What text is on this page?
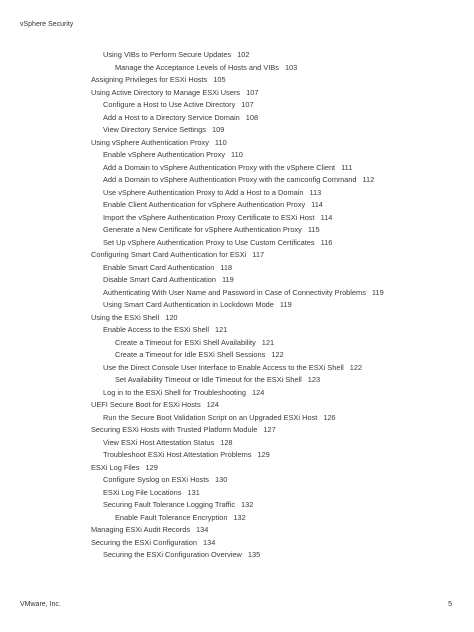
vSphere Security
Using VIBs to Perform Secure Updates 102
Manage the Acceptance Levels of Hosts and VIBs 103
Assigning Privileges for ESXi Hosts 105
Using Active Directory to Manage ESXi Users 107
Configure a Host to Use Active Directory 107
Add a Host to a Directory Service Domain 108
View Directory Service Settings 109
Using vSphere Authentication Proxy 110
Enable vSphere Authentication Proxy 110
Add a Domain to vSphere Authentication Proxy with the vSphere Client 111
Add a Domain to vSphere Authentication Proxy with the camconfig Command 112
Use vSphere Authentication Proxy to Add a Host to a Domain 113
Enable Client Authentication for vSphere Authentication Proxy 114
Import the vSphere Authentication Proxy Certificate to ESXi Host 114
Generate a New Certificate for vSphere Authentication Proxy 115
Set Up vSphere Authentication Proxy to Use Custom Certificates 116
Configuring Smart Card Authentication for ESXi 117
Enable Smart Card Authentication 118
Disable Smart Card Authentication 119
Authenticating With User Name and Password in Case of Connectivity Problems 119
Using Smart Card Authentication in Lockdown Mode 119
Using the ESXi Shell 120
Enable Access to the ESXi Shell 121
Create a Timeout for ESXi Shell Availability 121
Create a Timeout for Idle ESXi Shell Sessions 122
Use the Direct Console User Interface to Enable Access to the ESXi Shell 122
Set Availability Timeout or Idle Timeout for the ESXi Shell 123
Log in to the ESXi Shell for Troubleshooting 124
UEFI Secure Boot for ESXi Hosts 124
Run the Secure Boot Validation Script on an Upgraded ESXi Host 126
Securing ESXi Hosts with Trusted Platform Module 127
View ESXi Host Attestation Status 128
Troubleshoot ESXi Host Attestation Problems 129
ESXi Log Files 129
Configure Syslog on ESXi Hosts 130
ESXi Log File Locations 131
Securing Fault Tolerance Logging Traffic 132
Enable Fault Tolerance Encryption 132
Managing ESXi Audit Records 134
Securing the ESXi Configuration 134
Securing the ESXi Configuration Overview 135
VMware, Inc.	5
